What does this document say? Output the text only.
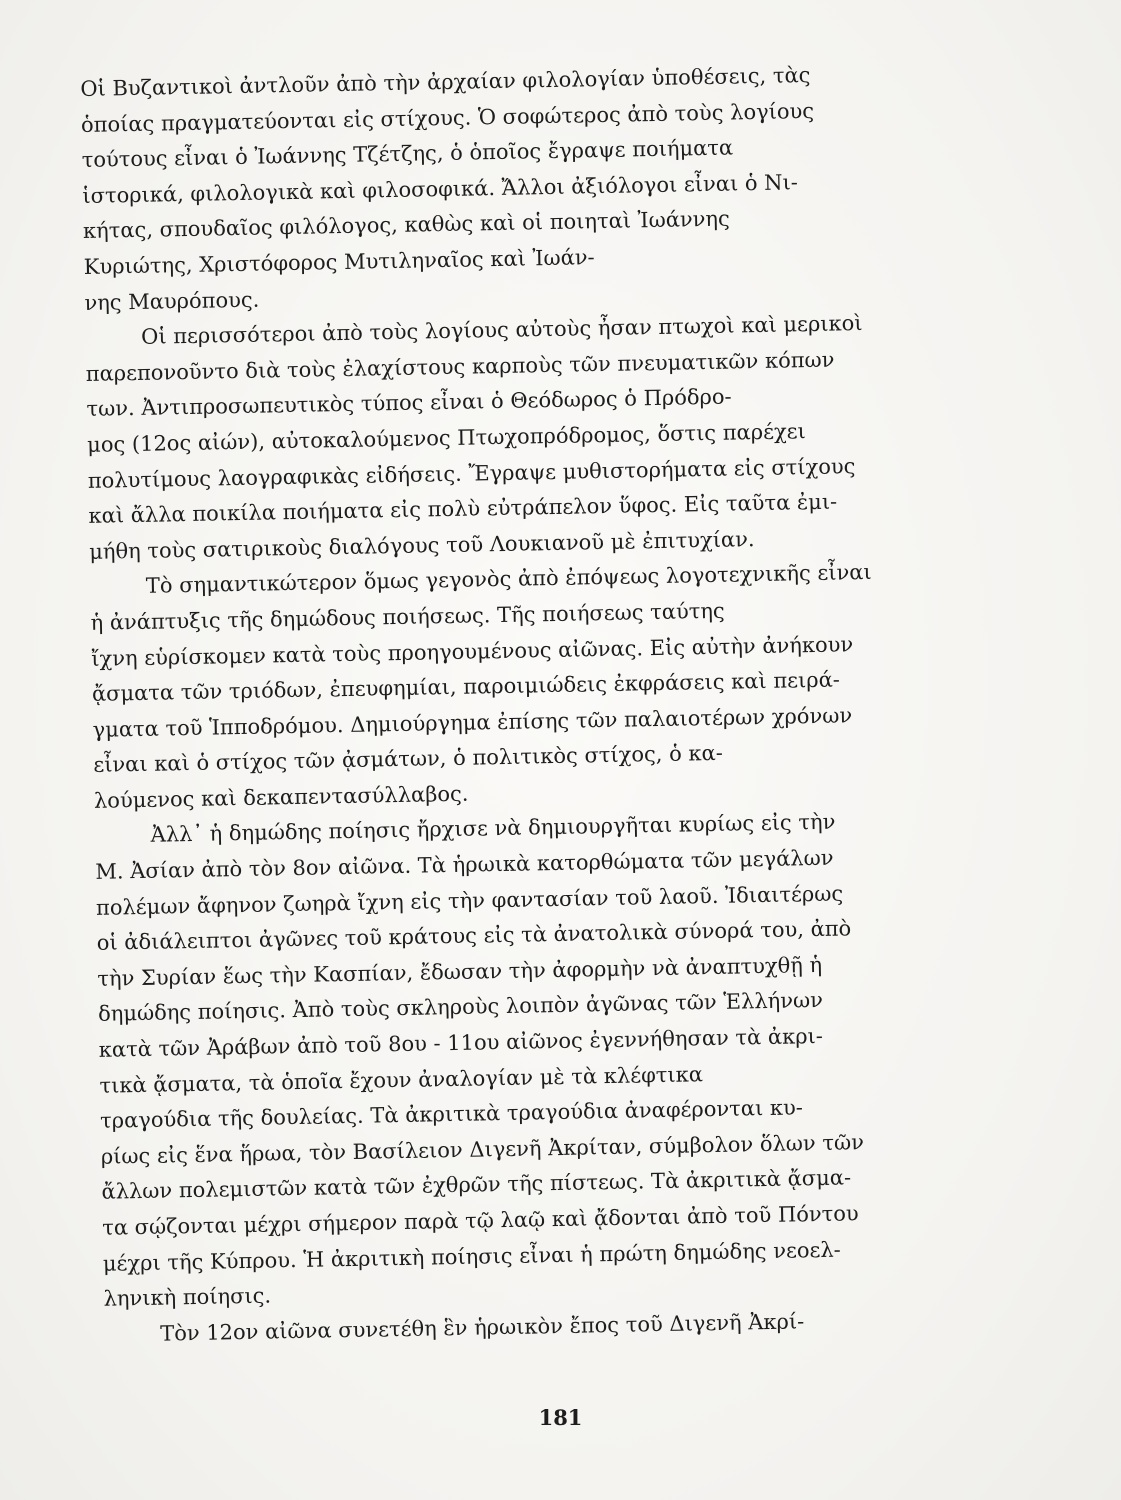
Οἱ Βυζαντικοὶ ἀντλοῦν ἀπὸ τὴν ἀρχαίαν φιλολογίαν ὑποθέσεις, τὰς
ὁποίας πραγματεύονται εἰς στίχους. Ὁ σοφώτερος ἀπὸ τοὺς λογίους
τούτους εἶναι ὁ Ἰωάννης Τζέτζης, ὁ ὁποῖος ἔγραψε ποιήματα
ἱστορικά, φιλολογικὰ καὶ φιλοσοφικά. Ἄλλοι ἀξιόλογοι εἶναι ὁ Νι-
κήτας, σπουδαῖος φιλόλογος, καθὼς καὶ οἱ ποιηταὶ Ἰωάννης
Κυριώτης, Χριστόφορος Μυτιληναῖος καὶ Ἰωάν-
νης Μαυρόπους.
Οἱ περισσότεροι ἀπὸ τοὺς λογίους αὐτοὺς ἦσαν πτωχοὶ καὶ μερικοὶ
παρεπονοῦντο διὰ τοὺς ἐλαχίστους καρποὺς τῶν πνευματικῶν κόπων
των. Ἀντιπροσωπευτικὸς τύπος εἶναι ὁ Θεόδωρος ὁ Πρόδρο-
μος (12ος αἰών), αὐτοκαλούμενος Πτωχοπρόδρομος, ὅστις παρέχει
πολυτίμους λαογραφικὰς εἰδήσεις. Ἔγραψε μυθιστορήματα εἰς στίχους
καὶ ἄλλα ποικίλα ποιήματα εἰς πολὺ εὐτράπελον ὕφος. Εἰς ταῦτα ἐμι-
μήθη τοὺς σατιρικοὺς διαλόγους τοῦ Λουκιανοῦ μὲ ἐπιτυχίαν.
Τὸ σημαντικώτερον ὅμως γεγονὸς ἀπὸ ἐπόψεως λογοτεχνικῆς εἶναι
ἡ ἀνάπτυξις τῆς δημώδους ποιήσεως. Τῆς ποιήσεως ταύτης
ἴχνη εὑρίσκομεν κατὰ τοὺς προηγουμένους αἰῶνας. Εἰς αὐτὴν ἀνήκουν
ᾄσματα τῶν τριόδων, ἐπευφημίαι, παροιμιώδεις ἐκφράσεις καὶ πειρά-
γματα τοῦ Ἱπποδρόμου. Δημιούργημα ἐπίσης τῶν παλαιοτέρων χρόνων
εἶναι καὶ ὁ στίχος τῶν ᾀσμάτων, ὁ πολιτικὸς στίχος, ὁ κα-
λούμενος καὶ δεκαπεντασύλλαβος.
Ἀλλ᾽ ἡ δημώδης ποίησις ἤρχισε νὰ δημιουργῆται κυρίως εἰς τὴν
Μ. Ἀσίαν ἀπὸ τὸν 8ον αἰῶνα. Τὰ ἡρωικὰ κατορθώματα τῶν μεγάλων
πολέμων ἄφηνον ζωηρὰ ἴχνη εἰς τὴν φαντασίαν τοῦ λαοῦ. Ἰδιαιτέρως
οἱ ἀδιάλειπτοι ἀγῶνες τοῦ κράτους εἰς τὰ ἀνατολικὰ σύνορά του, ἀπὸ
τὴν Συρίαν ἕως τὴν Κασπίαν, ἔδωσαν τὴν ἀφορμὴν νὰ ἀναπτυχθῇ ἡ
δημώδης ποίησις. Ἀπὸ τοὺς σκληροὺς λοιπὸν ἀγῶνας τῶν Ἑλλήνων
κατὰ τῶν Ἀράβων ἀπὸ τοῦ 8ου - 11ου αἰῶνος ἐγεννήθησαν τὰ ἀκρι-
τικὰ ᾄσματα, τὰ ὁποῖα ἔχουν ἀναλογίαν μὲ τὰ κλέφτικα
τραγούδια τῆς δουλείας. Τὰ ἀκριτικὰ τραγούδια ἀναφέρονται κυ-
ρίως εἰς ἕνα ἥρωα, τὸν Βασίλειον Διγενῆ Ἀκρίταν, σύμβολον ὅλων τῶν
ἄλλων πολεμιστῶν κατὰ τῶν ἐχθρῶν τῆς πίστεως. Τὰ ἀκριτικὰ ᾄσμα-
τα σῴζονται μέχρι σήμερον παρὰ τῷ λαῷ καὶ ᾄδονται ἀπὸ τοῦ Πόντου
μέχρι τῆς Κύπρου. Ἡ ἀκριτικὴ ποίησις εἶναι ἡ πρώτη δημώδης νεοελ-
ληνικὴ ποίησις.
Τὸν 12ον αἰῶνα συνετέθη ἓν ἡρωικὸν ἔπος τοῦ Διγενῆ Ἀκρί-
181
